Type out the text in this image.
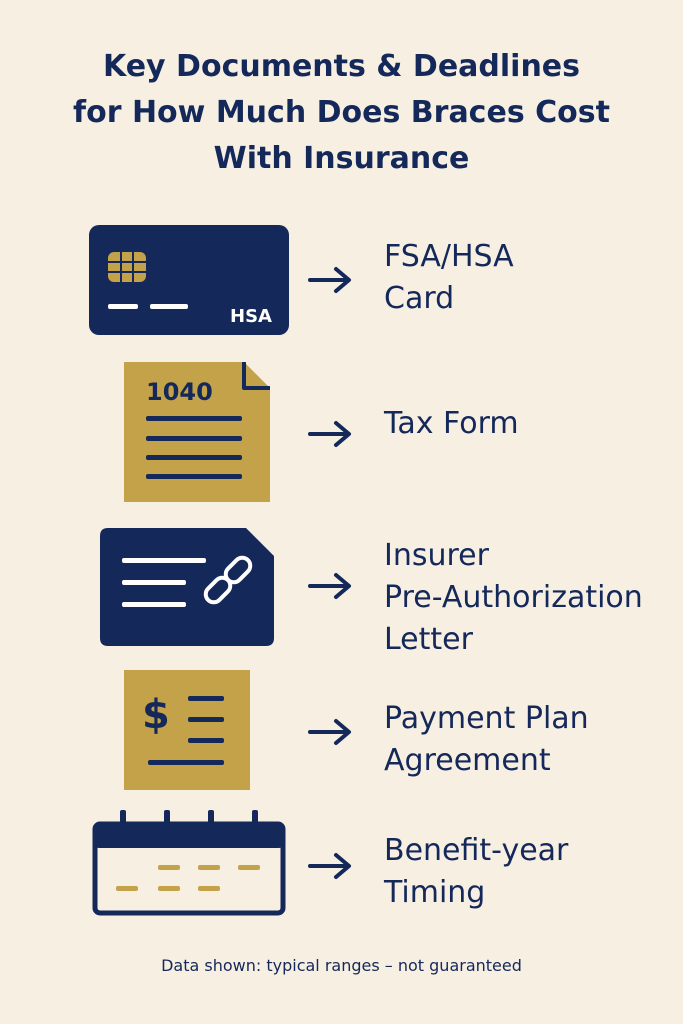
Key Documents & Deadlines
for How Much Does Braces Cost
With Insurance
HSA
FSA/HSA
Card
1040
Tax Form
Insurer
Pre-Authorization
Letter
$	Payment Plan
Agreement
Benefit-year
Timing
Data shown: typical ranges – not guaranteed
